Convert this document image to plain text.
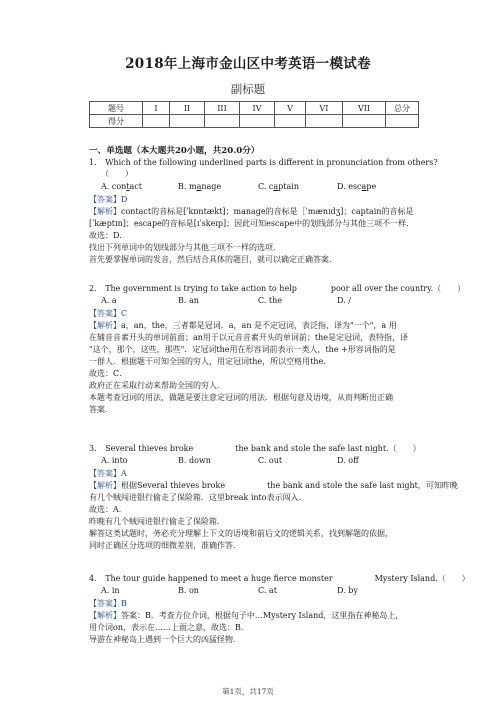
2018年上海市金山区中考英语一模试卷
副标题
题号	I	II	III	IV	V	VI	VII	总分
得分								
一、单选题（本大题共20小题，共20.0分）
1. Which of the following underlined parts is different in pronunciation from others?
（　　）
A. contact	B. manage	C. captain	D. escape
【答案】D
【解析】contact的音标是[ˈkɒntækt]；manage的音标是［ˈmænɪdʒ]；captain的音标是
[ˈkæptɪn]；escape的音标是[ɪˈskeɪp]；因此可知escape中的划线部分与其他三项不一样．
故选：D．
找出下列单词中的划线部分与其他三项不一样的选项．
首先要掌握单词的发音，然后结合具体的题目，就可以确定正确答案．
2. The government is trying to take action to help	poor all over the country.（　　）
A. a	B. an	C. the	D. /
【答案】C
【解析】a，an，the，三者都是冠词．a，an 是不定冠词，表泛指，译为"一个"，a 用
在辅音音素开头的单词前面；an用于以元音音素开头的单词前；the是定冠词，表特指，译
"这个，那个，这些，那些"．定冠词the用在形容词前表示一类人，the +形容词指的是
一群人．根据题干可知全国的穷人，用定冠词the，所以空格用the．
故选：C．
政府正在采取行动来帮助全国的穷人．
本题考查冠词的用法，做题是要注意定冠词的用法．根据句意及语境，从而判断出正确
答案．
3. Several thieves broke	the bank and stole the safe last night.（　　）
A. into	B. down	C. out	D. off
【答案】A
【解析】根据Several thieves broke	the bank and stole the safe last night，可知昨晚
有几个贼闯进银行偷走了保险箱．这里break into表示闯入．
故选：A．
昨晚有几个贼闯进银行偷走了保险箱．
解答这类试题时，务必充分理解上下文的语境和前后文的逻辑关系，找到解题的依据，
同时正确区分选项的细微差别，准确作答．
4. The tour guide happened to meet a huge fierce monster	Mystery Island.（　　）
A. in	B. on	C. at	D. by
【答案】B
【解析】答案：B．考查方位介词，根据句子中…Mystery Island，这里指在神秘岛上，
用介词on，表示在……上面之意，故选：B．
导游在神秘岛上遇到一个巨大的凶猛怪物．
第1页，共17页
